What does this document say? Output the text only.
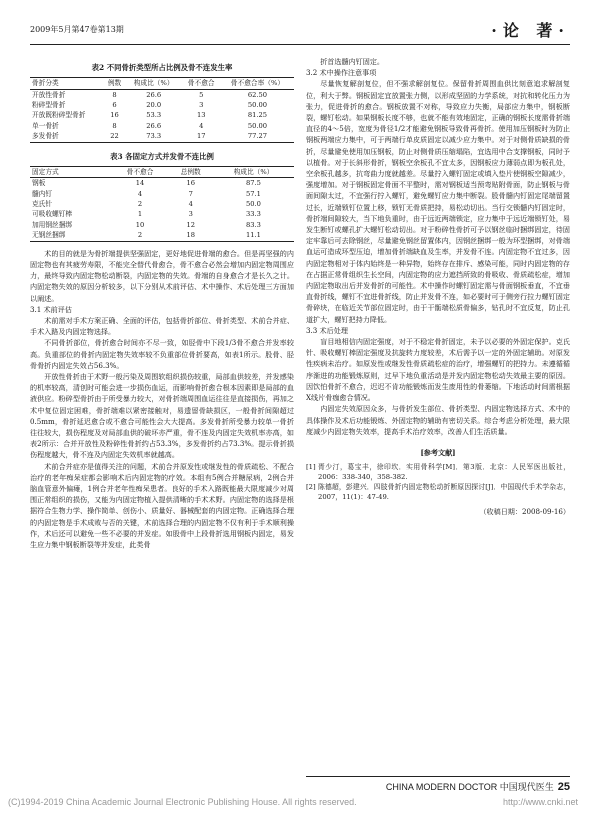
2009年5月第47卷第13期	·论 著·
表2 不同骨折类型所占比例及骨不连发生率
骨折分类	例数	构成比（%）	骨不愈合	骨不愈合率（%）
开放性骨折	8	26.6	5	62.50
粉碎型骨折	6	20.0	3	50.00
开放既粉碎型骨折	16	53.3	13	81.25
单一骨折	8	26.6	4	50.00
多发骨折	22	73.3	17	77.27
表3 各固定方式并发骨不连比例
固定方式	骨不愈合	总例数	构成比（%）
钢板	14	16	87.5
髓内钉	4	7	57.1
克氏针	2	4	50.0
可吸收螺钉棒	1	3	33.3
加用钢丝捆绑	10	12	83.3
无钢丝捆绑	2	18	11.1

术的目的就是为骨折端提供坚强固定，更好地促进骨端的愈合。但是再坚强的内固定物也有其疲劳寿限，不能完全替代骨愈合，骨不愈合必然会增加内固定物周围应力，最终导致内固定物松动断裂，内固定物的失效。骨端的自身愈合才是长久之计。内固定物失效的原因分析较多，以下分别从术前评估、术中操作、术后处理三方面加以阐述。

3.1 术前评估

术前需对手术方案正确、全面的评估，包括骨折部位、骨折类型、术前合并症、手术入路及内固定物选择。

不同骨折部位，骨折愈合时间亦不尽一致，如胫骨中下段1/3骨不愈合并发率较高。负重部位的骨折内固定物失效率较不负重部位骨折要高，如表1所示。股骨、胫骨骨折内固定失效占56.3%。

开放性骨折由于术野一般污染及周围软组织损伤较重，局部血供较差，并发感染的机率较高，清创时可能会进一步损伤血运，而影响骨折愈合根本因素即是局部的血液供应。粉碎型骨折由于所受暴力较大，对骨折端周围血运往往是直接损伤，再加之术中复位固定困难，骨折端难以紧密接触对，易遗留骨缺损区，一般骨折间隙超过0.5mm，骨折延迟愈合或不愈合可能性会大大提高。多发骨折所受暴力较单一骨折往往较大，损伤程度及对局部血供的破坏亦严重，骨不连及内固定失效机率亦高，如表2所示：合并开放性及粉碎性骨折约占53.3%，多发骨折约占73.3%。提示骨折损伤程度越大，骨不连及内固定失效机率就越高。

术前合并症亦是值得关注的问题，术前合并原发性或继发性的骨质疏松、不配合治疗的老年痴呆症都会影响术后内固定物的疗效。本组有5例合并糖尿病，2例合并脑血管意外偏瘫，1例合并老年性痴呆患者。良好的手术入路既能最大限度减少对周围正常组织的损伤，又能为内固定物植入提供清晰的手术术野。内固定物的选择是根据符合生物力学、操作简单、创伤小、质量好、器械配套的内固定物。正确选择合理的内固定物是手术成败与否的关键，术前选择合理的内固定物不仅有利于手术顺利操作，术后还可以避免一些不必要的并发症。如股骨中上段骨折选用钢板内固定，易发生应力集中钢板断裂等并发症，此类骨

折首选髓内钉固定。

3.2 术中操作注意事项

尽量恢复解剖复位，但不强求解剖复位。保留骨折周围血供比刻意追求解剖复位，利大于弊。钢板固定宜放置张力侧，以形成坚固的力学系统，对抗和转化压力为张力，促进骨折的愈合。钢板放置不对称，导致应力失衡，局部应力集中，钢板断裂，螺钉松动。如果钢板长度不够，也就不能有效地固定，正确的钢板长度需骨折端直径的4～5倍，宽度为骨径1/2才能避免钢板导致骨再骨折。使用加压钢板时为防止钢板两端应力集中，可于两端行单皮质固定以减少应力集中。对于对侧骨质缺损的骨折，尽量避免使用加压钢板，防止对侧骨质压缩塌陷，宜选用中合支撑钢板，同时予以植骨。对于长斜形骨折，钢板空余板孔不宜太多，因钢板应力薄弱点即为板孔处，空余板孔越多，抗弯曲力度就越差。尽量拧入螺钉固定或填入垫片使钢板空隙减少，强度增加。对于钢板固定骨面不平整时，需对钢板适当预弯贴附骨面，防止钢板与骨面间隙太过，不宜强行拧入螺钉，避免螺钉应力集中断裂。股骨髓内钉固定尾端留置过长，近端锁钉位置上移，锁钉无骨质把持，易松动切出。当行交锁髓内钉固定时，骨折端间隙较大，当下地负重时，由于远近两端锁定，应力集中于远近端锁钉处，易发生断钉或螺孔扩大螺钉松动切出。对于粉碎性骨折可予以钢丝临时捆绑固定，待固定牢靠后可去除钢丝，尽量避免钢丝留置体内，因钢丝捆绑一般为环型捆绑，对骨端血运可造成环型压迫，增加骨折端缺血及生率，并发骨不连。内固定物不宜过多，因内固定物相对于体内始终是一种异物，始终存在排斥、感染可能，同时内固定物的存在占据正常骨组织生长空间，内固定物的应力遮挡所致的骨吸收、骨质疏松症，增加内固定物取出后并发骨折的可能性。术中操作时螺钉固定需与骨面钢板垂直，不宜垂直骨折线，螺钉不宜进骨折线，防止并发骨不连，如必要时可于侧旁行拉力螺钉固定骨碎块，在临近关节部位固定时，由于干骺端松质骨偏多，钻孔时不宜反复，防止孔道扩大，螺钉把持力降低。

3.3 术后处理

盲目地相信内固定强度，对于不稳定骨折固定，未予以必要的外固定保护。克氏针、吸收螺钉棒固定强度及抗旋转力度较差，术后需予以一定的外固定辅助。对原发性疾病未治疗。如原发性或继发性骨质疏松症的治疗，增强螺钉的把持力。未遵循循序渐进的功能锻炼原则，过早下地负重活动是并发内固定物松动失效最主要的原因。因饮怕骨折不愈合，迟迟不肯功能锻炼而发生废用性的骨萎缩。下地活动时间需根据X线片骨痂愈合情况。

内固定失效原因众多，与骨折发生部位、骨折类型、内固定物选择方式、术中的具体操作及术后功能锻炼、外固定物的辅助有密切关系。综合考虑分析处理，最大限度减少内固定物失效率，提高手术治疗效率，改善人们生活质量。

[参考文献]

[1] 胥少汀，葛宝丰，徐印坎．实用骨科学[M]．第3版．北京：人民军医出版社，2006：338-340，358-382.

[2] 陈德超，彭建兴．四肢骨折内固定物松动折断原因探讨[J]．中国现代手术学杂志，2007，11(1)：47-49.

（收稿日期：2008-09-16）

CHINA MODERN DOCTOR 中国现代医生 25
(C)1994-2019 China Academic Journal Electronic Publishing House. All rights reserved.	http://www.cnki.net
